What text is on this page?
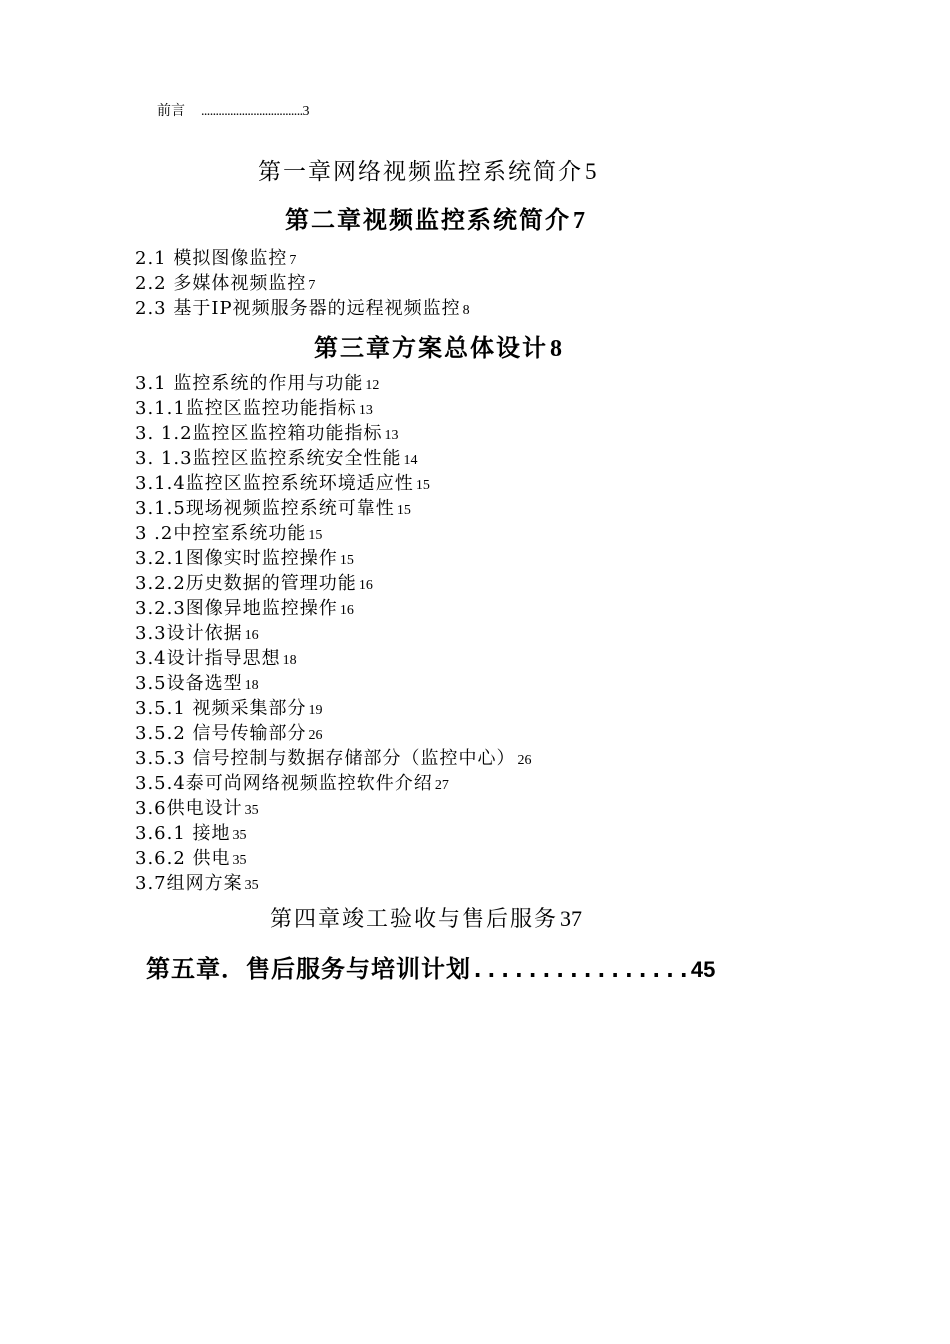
前言 ...................................3
第一章网络视频监控系统简介5
第二章视频监控系统简介7
2.1 模拟图像监控 7
2.2 多媒体视频监控 7
2.3 基于IP视频服务器的远程视频监控 8
第三章方案总体设计8
3.1 监控系统的作用与功能 12
3.1.1监控区监控功能指标 13
3. 1.2监控区监控箱功能指标 13
3. 1.3监控区监控系统安全性能 14
3.1.4监控区监控系统环境适应性 15
3.1.5现场视频监控系统可靠性 15
3 .2中控室系统功能 15
3.2.1图像实时监控操作 15
3.2.2历史数据的管理功能 16
3.2.3图像异地监控操作 16
3.3设计依据 16
3.4设计指导思想 18
3.5设备选型 18
3.5.1 视频采集部分 19
3.5.2 信号传输部分 26
3.5.3 信号控制与数据存储部分（监控中心） 26
3.5.4泰可尚网络视频监控软件介绍 27
3.6供电设计 35
3.6.1 接地 35
3.6.2 供电 35
3.7组网方案 35
第四章竣工验收与售后服务37
第五章．售后服务与培训计划................45
